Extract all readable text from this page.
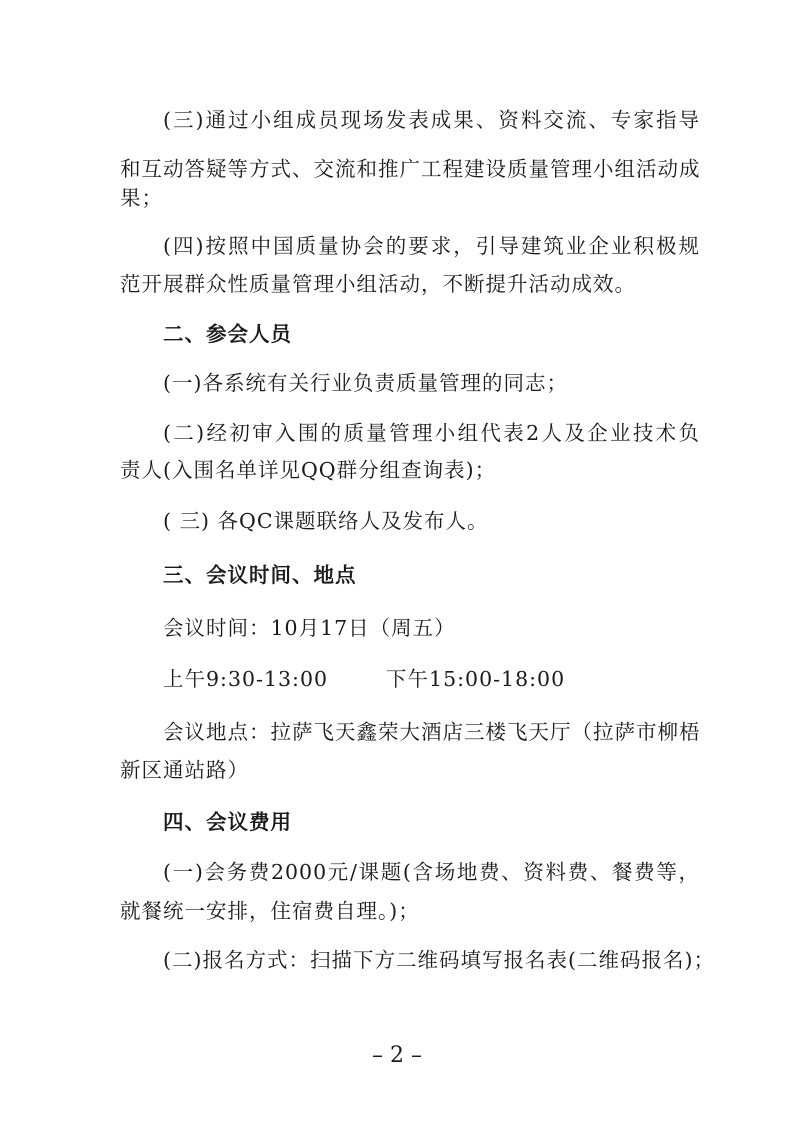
(三)通过小组成员现场发表成果、资料交流、专家指导
和互动答疑等方式、交流和推广工程建设质量管理小组活动成
果；
(四)按照中国质量协会的要求，引导建筑业企业积极规
范开展群众性质量管理小组活动，不断提升活动成效。
二、参会人员
(一)各系统有关行业负责质量管理的同志；
(二)经初审入围的质量管理小组代表2人及企业技术负
责人(入围名单详见QQ群分组查询表)；
( 三) 各QC课题联络人及发布人。
三、会议时间、地点
会议时间：10月17日（周五）
上午9:30-13:00	下午15:00-18:00
会议地点：拉萨飞天鑫荣大酒店三楼飞天厅（拉萨市柳梧
新区通站路）
四、会议费用
(一)会务费2000元/课题(含场地费、资料费、餐费等，
就餐统一安排，住宿费自理。)；
(二)报名方式：扫描下方二维码填写报名表(二维码报名)；
– 2 –
